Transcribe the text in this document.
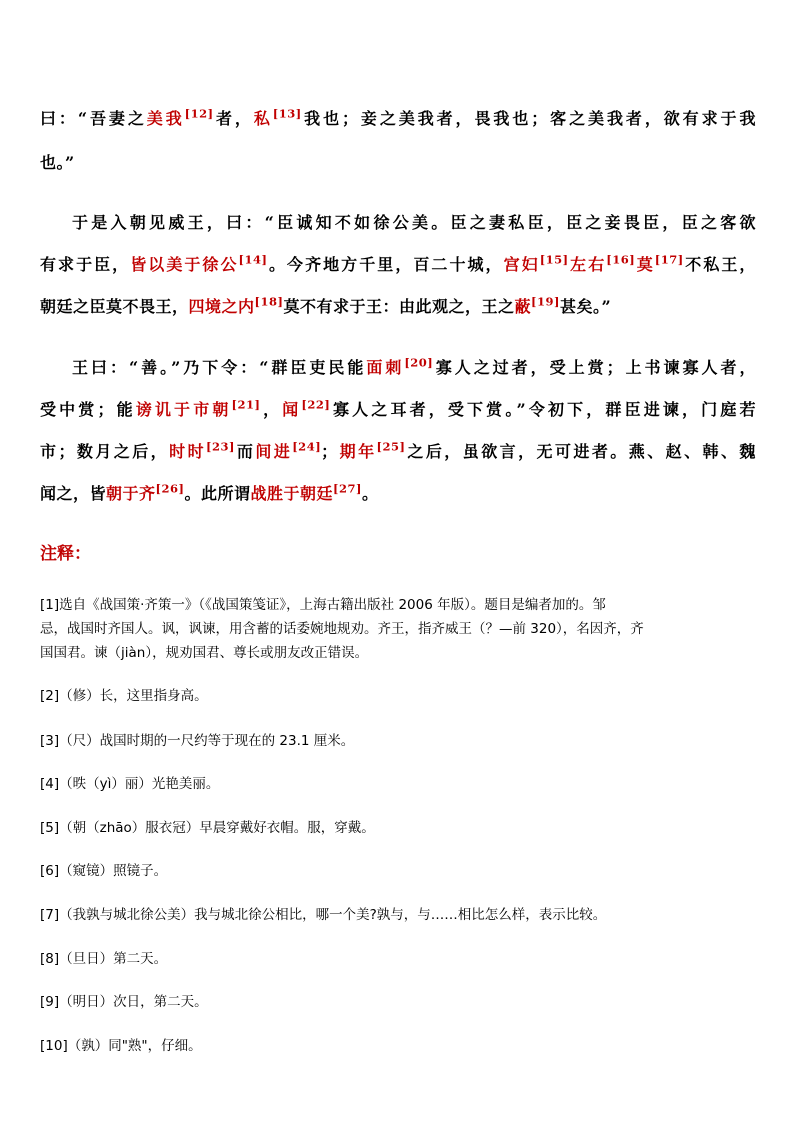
曰：“吾妻之美我[12]者，私[13]我也；妾之美我者，畏我也；客之美我者，欲有求于我
也。”
于是入朝见威王，曰：“臣诚知不如徐公美。臣之妻私臣，臣之妾畏臣，臣之客欲
有求于臣，皆以美于徐公[14]。今齐地方千里，百二十城，宫妇[15]左右[16]莫[17]不私王，
朝廷之臣莫不畏王，四境之内[18]莫不有求于王：由此观之，王之蔽[19]甚矣。”
王曰：“善。”乃下令：“群臣吏民能面刺[20]寡人之过者，受上赏；上书谏寡人者，
受中赏；能谤讥于市朝[21]，闻[22]寡人之耳者，受下赏。”令初下，群臣进谏，门庭若
市；数月之后，时时[23]而间进[24]；期年[25]之后，虽欲言，无可进者。燕、赵、韩、魏
闻之，皆朝于齐[26]。此所谓战胜于朝廷[27]。
注释：
[1]选自《战国策·齐策一》（《战国策笺证》，上海古籍出版社 2006 年版）。题目是编者加的。邹
忌，战国时齐国人。讽，讽谏，用含蓄的话委婉地规劝。齐王，指齐威王（？—前 320），名因齐，齐
国国君。谏（jiàn），规劝国君、尊长或朋友改正错误。
[2]（修）长，这里指身高。
[3]（尺）战国时期的一尺约等于现在的 23.1 厘米。
[4]（昳（yì）丽）光艳美丽。
[5]（朝（zhāo）服衣冠）早晨穿戴好衣帽。服，穿戴。
[6]（窥镜）照镜子。
[7]（我孰与城北徐公美）我与城北徐公相比，哪一个美?孰与，与……相比怎么样，表示比较。
[8]（旦日）第二天。
[9]（明日）次日，第二天。
[10]（孰）同"熟"，仔细。
